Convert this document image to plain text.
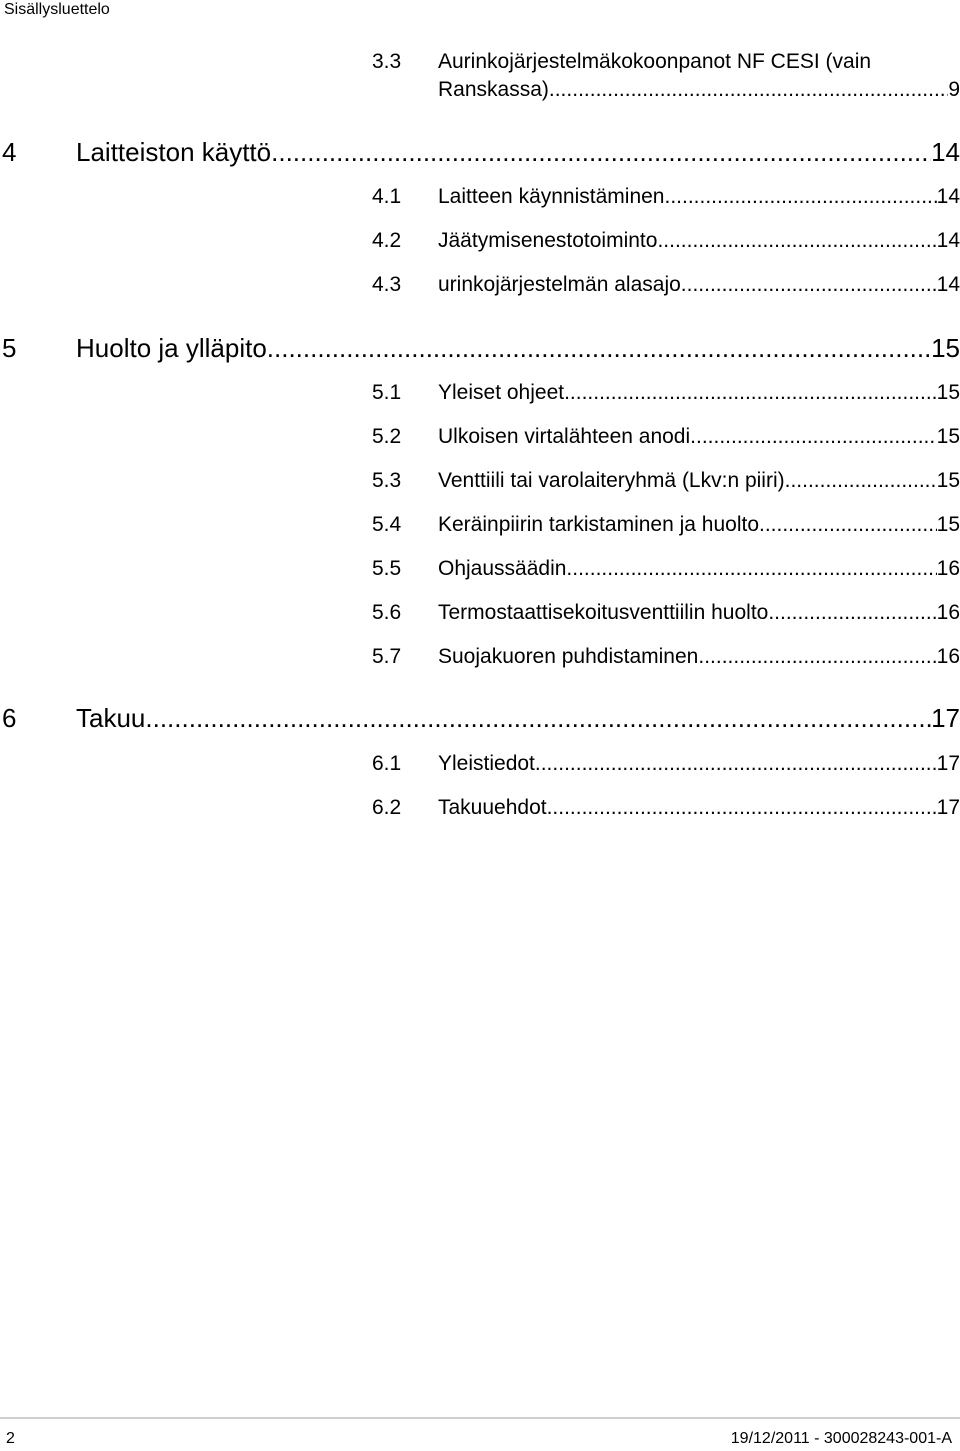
Sisällysluettelo
3.3 Aurinkojärjestelmäkokoonpanot NF CESI (vain
Ranskassa) .....	9
4 Laitteiston käyttö .....	14
4.1 Laitteen käynnistäminen .....	14
4.2 Jäätymisenestotoiminto .....	14
4.3 urinkojärjestelmän alasajo .....	14
5 Huolto ja ylläpito .....	15
5.1 Yleiset ohjeet .....	15
5.2 Ulkoisen virtalähteen anodi .....	15
5.3 Venttiili tai varolaiteryhmä (Lkv:n piiri) .....	15
5.4 Keräinpiirin tarkistaminen ja huolto .....	15
5.5 Ohjaussäädin .....	16
5.6 Termostaattisekoitusventtiilin huolto .....	16
5.7 Suojakuoren puhdistaminen .....	16
6 Takuu .....	17
6.1 Yleistiedot .....	17
6.2 Takuuehdot .....	17
2	19/12/2011 - 300028243-001-A
